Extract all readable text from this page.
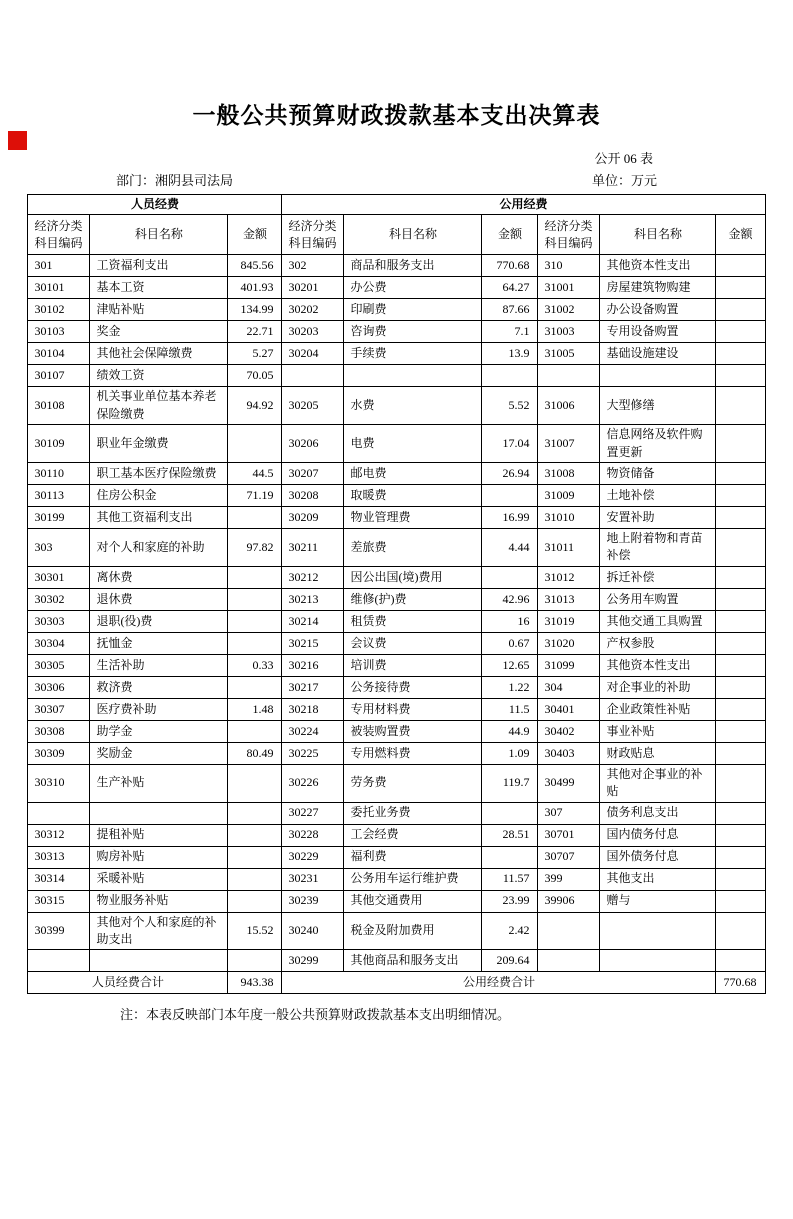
一般公共预算财政拨款基本支出决算表
公开 06 表
部门：湘阴县司法局	单位：万元
人员经费			公用经费					
经济分类科目编码	科目名称	金额	经济分类科目编码	科目名称	金额	经济分类科目编码	科目名称	金额
301	工资福利支出	845.56	302	商品和服务支出	770.68	310	其他资本性支出	
30101	基本工资	401.93	30201	办公费	64.27	31001	房屋建筑物购建	
30102	津贴补贴	134.99	30202	印刷费	87.66	31002	办公设备购置	
30103	奖金	22.71	30203	咨询费	7.1	31003	专用设备购置	
30104	其他社会保障缴费	5.27	30204	手续费	13.9	31005	基础设施建设	
30107	绩效工资	70.05						
30108	机关事业单位基本养老保险缴费	94.92	30205	水费	5.52	31006	大型修缮	
30109	职业年金缴费		30206	电费	17.04	31007	信息网络及软件购置更新	
30110	职工基本医疗保险缴费	44.5	30207	邮电费	26.94	31008	物资储备	
30113	住房公积金	71.19	30208	取暖费		31009	土地补偿	
30199	其他工资福利支出		30209	物业管理费	16.99	31010	安置补助	
303	对个人和家庭的补助	97.82	30211	差旅费	4.44	31011	地上附着物和青苗补偿	
30301	离休费		30212	因公出国(境)费用		31012	拆迁补偿	
30302	退休费		30213	维修(护)费	42.96	31013	公务用车购置	
30303	退职(役)费		30214	租赁费	16	31019	其他交通工具购置	
30304	抚恤金		30215	会议费	0.67	31020	产权参股	
30305	生活补助	0.33	30216	培训费	12.65	31099	其他资本性支出	
30306	救济费		30217	公务接待费	1.22	304	对企事业的补助	
30307	医疗费补助	1.48	30218	专用材料费	11.5	30401	企业政策性补贴	
30308	助学金		30224	被装购置费	44.9	30402	事业补贴	
30309	奖励金	80.49	30225	专用燃料费	1.09	30403	财政贴息	
30310	生产补贴		30226	劳务费	119.7	30499	其他对企事业的补贴	
			30227	委托业务费		307	债务利息支出	
30312	提租补贴		30228	工会经费	28.51	30701	国内债务付息	
30313	购房补贴		30229	福利费		30707	国外债务付息	
30314	采暖补贴		30231	公务用车运行维护费	11.57	399	其他支出	
30315	物业服务补贴		30239	其他交通费用	23.99	39906	赠与	
30399	其他对个人和家庭的补助支出	15.52	30240	税金及附加费用	2.42			
			30299	其他商品和服务支出	209.64			
人员经费合计		943.38	公用经费合计					770.68
注：本表反映部门本年度一般公共预算财政拨款基本支出明细情况。
